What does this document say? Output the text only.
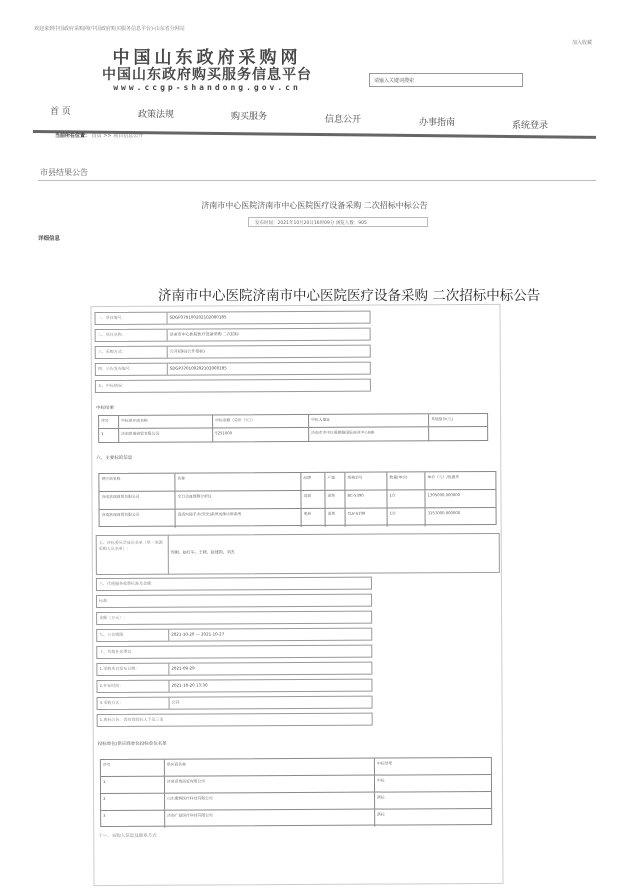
欢迎来到中国政府采购网(中国政府购买服务信息平台)-山东省分网站
加入收藏
中国山东政府采购网
中国山东政府购买服务信息平台
www.ccgp-shandong.gov.cn
请输入关键词搜索
首 页	政策法规	购买服务	信息公开	办事指南	系统登录
当前所在位置： 首页 >> 项目信息公开
市县结果公告
济南市中心医院济南市中心医院医疗设备采购 二次招标中标公告
发布时间：2021年10月20日16时09分 浏览人数：905
详细信息
济南市中心医院济南市中心医院医疗设备采购 二次招标中标公告
一、项目编号：	SDGP370100202102000185
二、项目名称：	济南市中心医院医疗设备采购 二次招标
三、采购方式：	公开招标(公开招标)
四、公告发布编号：	SDGP370100202102000185
五、中标情况：
中标结果
序号	中标供应商名称	中标金额（总价（元））	中标人地址	其他报价(元)
1	济南富瑞商贸有限公司	5251000	济南市市中区舜耕路国际商业中心B座
六、主要标的信息
供应商名称	名称	品牌	产地	规格型号	数量(单位)	单价（元）/优惠率
济南富瑞商贸有限公司	全自动血细胞分析仪	迈瑞	深圳	BC-5390	1台	1305000.000000
济南富瑞商贸有限公司	高清内镜手术(荧光)系统成像诊断系统	奥林	深圳	CLV-S190	1台	3157000.000000
七、评标委员会成员名单（单一来源采购人员名单）：
周刚、赵红军、王晓、赵建国、刘杰
八、代理服务收费标准及金额：
标准：
金额（万元）：
九、公告期限	2021-10-20 — 2021-10-27
十、其他补充事宜
1.采购项目发布日期：	2021-09-29
2.开标时间：	2021-10-20 13:30
3.采购方式：	公开
1.废标公告：因有效投标人不足三家
投标单位/供应商单位投标单位名单
序号	供应商名称	中标结果
1	济南富瑞商贸有限公司	中标
2	山东康辉医疗科技有限公司	落标
3	济南广益医疗科技有限公司	落标
十一、采购人信息及联系方式
